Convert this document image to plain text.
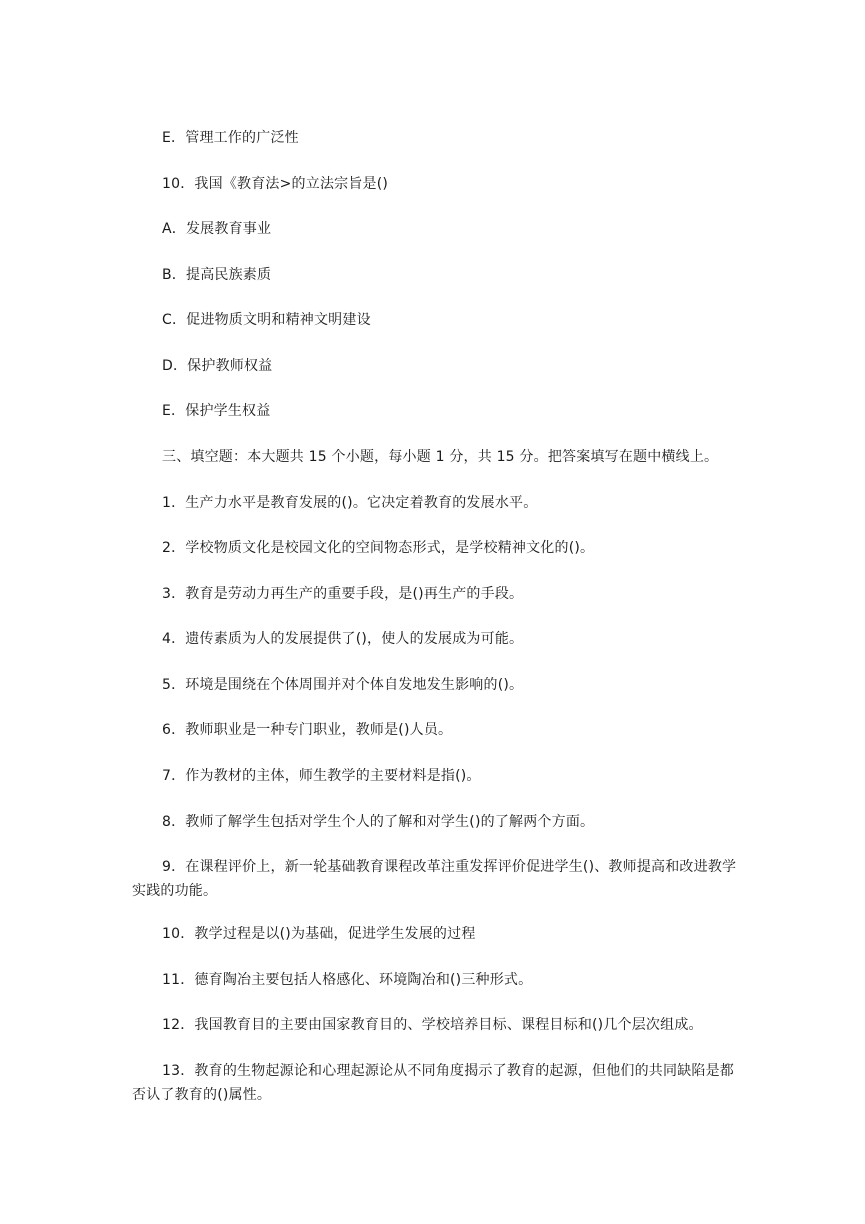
E．管理工作的广泛性
10．我国《教育法>的立法宗旨是()
A．发展教育事业
B．提高民族素质
C．促进物质文明和精神文明建设
D．保护教师权益
E．保护学生权益
三、填空题：本大题共 15 个小题，每小题 1 分，共 15 分。把答案填写在题中横线上。
1．生产力水平是教育发展的()。它决定着教育的发展水平。
2．学校物质文化是校园文化的空间物态形式，是学校精神文化的()。
3．教育是劳动力再生产的重要手段，是()再生产的手段。
4．遗传素质为人的发展提供了()，使人的发展成为可能。
5．环境是围绕在个体周围并对个体自发地发生影响的()。
6．教师职业是一种专门职业，教师是()人员。
7．作为教材的主体，师生教学的主要材料是指()。
8．教师了解学生包括对学生个人的了解和对学生()的了解两个方面。
9．在课程评价上，新一轮基础教育课程改革注重发挥评价促进学生()、教师提高和改进教学实践的功能。
10．教学过程是以()为基础，促进学生发展的过程
11．德育陶冶主要包括人格感化、环境陶冶和()三种形式。
12．我国教育目的主要由国家教育目的、学校培养目标、课程目标和()几个层次组成。
13．教育的生物起源论和心理起源论从不同角度揭示了教育的起源，但他们的共同缺陷是都否认了教育的()属性。
